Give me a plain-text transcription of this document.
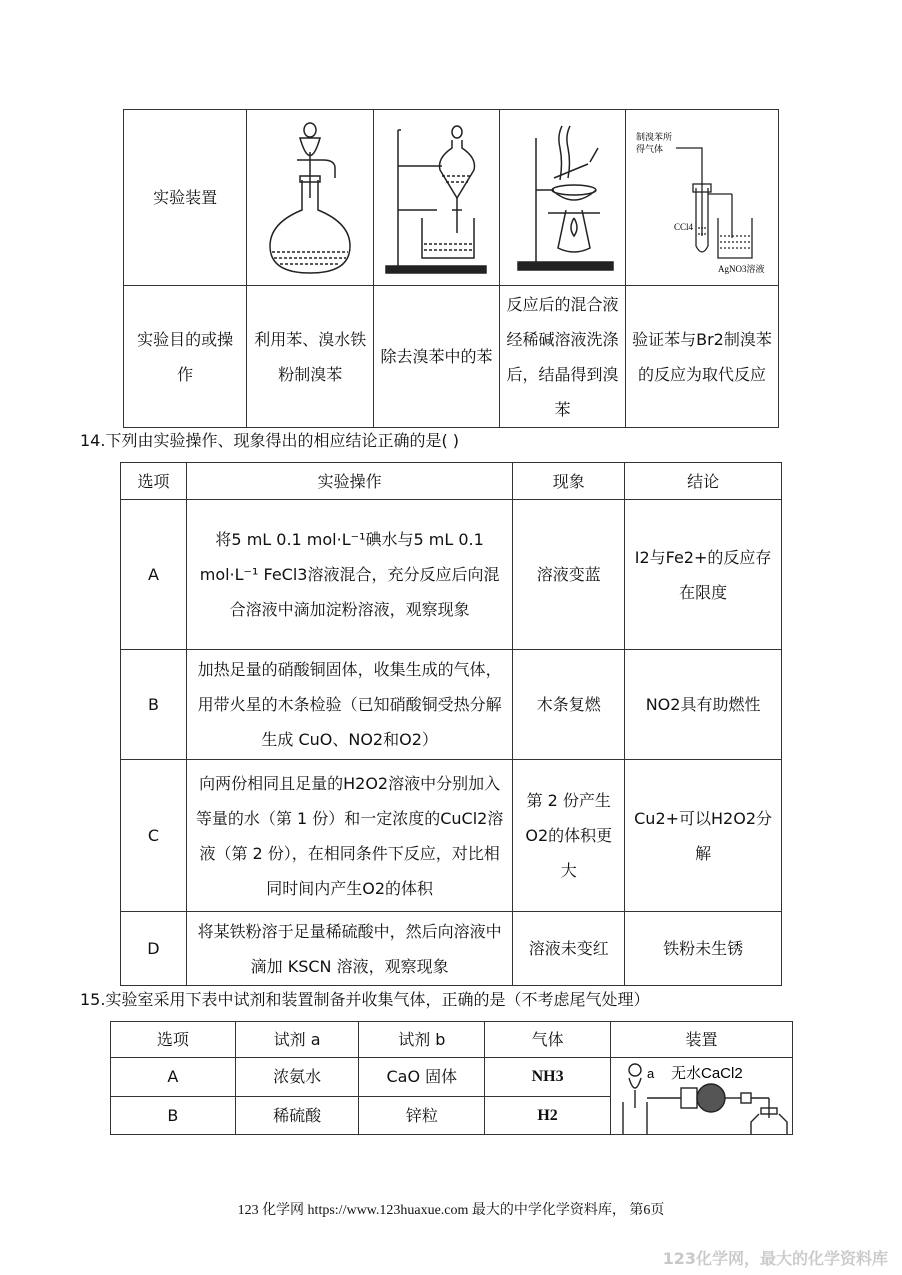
实验装置				制溴苯所
得气体
CCl4
AgNO3溶液

实验目的或操作	利用苯、溴水铁粉制溴苯	除去溴苯中的苯	反应后的混合液经稀碱溶液洗涤后，结晶得到溴苯	验证苯与Br2制溴苯的反应为取代反应
14.下列由实验操作、现象得出的相应结论正确的是( )
选项	实验操作	现象	结论
A	将5 mL 0.1 mol·L⁻¹碘水与5 mL 0.1 mol·L⁻¹ FeCl3溶液混合，充分反应后向混合溶液中滴加淀粉溶液，观察现象	溶液变蓝	I2与Fe2+的反应存在限度
B	加热足量的硝酸铜固体，收集生成的气体，用带火星的木条检验（已知硝酸铜受热分解生成 CuO、NO2和O2）	木条复燃	NO2具有助燃性
C	向两份相同且足量的H2O2溶液中分别加入等量的水（第 1 份）和一定浓度的CuCl2溶液（第 2 份），在相同条件下反应，对比相同时间内产生O2的体积	第 2 份产生O2的体积更大	Cu2+可以H2O2分解
D	将某铁粉溶于足量稀硫酸中，然后向溶液中滴加 KSCN 溶液，观察现象	溶液未变红	铁粉未生锈
15.实验室采用下表中试剂和装置制备并收集气体，正确的是（不考虑尾气处理）
选项	试剂 a	试剂 b	气体	装置
A	浓氨水	CaO 固体	NH3	a 无水CaCl2

B	稀硫酸	锌粒	H2	
123 化学网 https://www.123huaxue.com 最大的中学化学资料库， 第6页
123化学网，最大的化学资料库
